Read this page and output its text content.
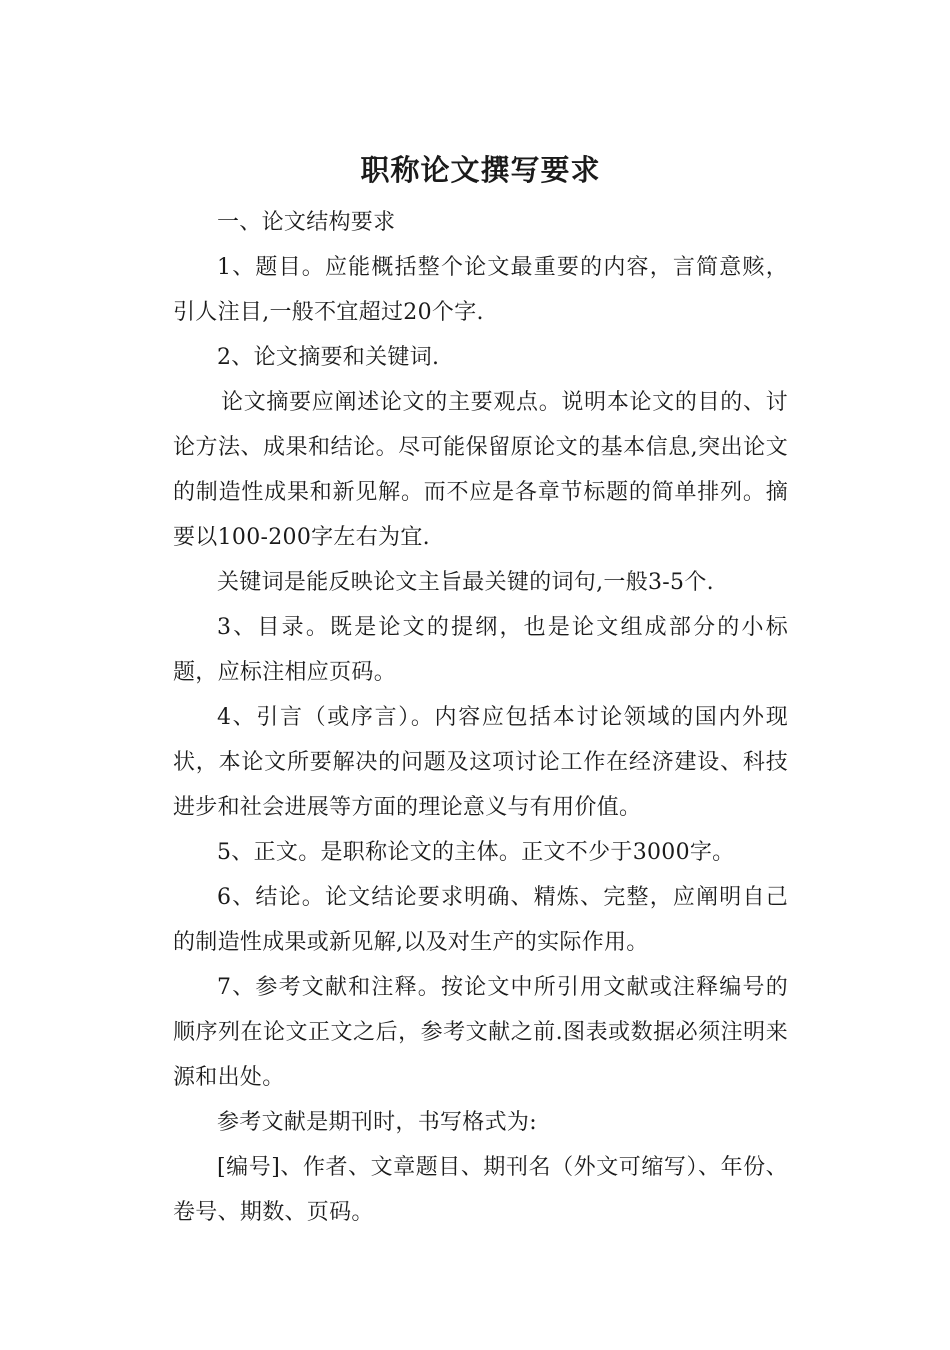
职称论文撰写要求

一、论文结构要求

1、题目。应能概括整个论文最重要的内容，言简意赅，引人注目,一般不宜超过20个字.

2、论文摘要和关键词.

论文摘要应阐述论文的主要观点。说明本论文的目的、讨论方法、成果和结论。尽可能保留原论文的基本信息,突出论文的制造性成果和新见解。而不应是各章节标题的简单排列。摘要以100-200字左右为宜.

关键词是能反映论文主旨最关键的词句,一般3-5个.

3、目录。既是论文的提纲，也是论文组成部分的小标题，应标注相应页码。

4、引言（或序言）。内容应包括本讨论领域的国内外现状，本论文所要解决的问题及这项讨论工作在经济建设、科技进步和社会进展等方面的理论意义与有用价值。

5、正文。是职称论文的主体。正文不少于3000字。

6、结论。论文结论要求明确、精炼、完整，应阐明自己的制造性成果或新见解,以及对生产的实际作用。

7、参考文献和注释。按论文中所引用文献或注释编号的顺序列在论文正文之后，参考文献之前.图表或数据必须注明来源和出处。

参考文献是期刊时，书写格式为:

[编号]、作者、文章题目、期刊名（外文可缩写）、年份、卷号、期数、页码。
